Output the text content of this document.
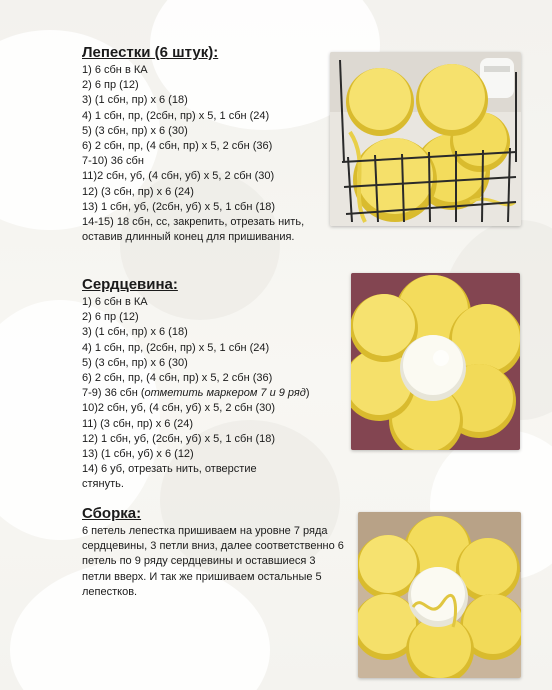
Лепестки (6 штук):
1) 6 сбн в КА
2) 6 пр (12)
3) (1 сбн, пр) х 6 (18)
4) 1 сбн, пр, (2сбн, пр) х 5, 1 сбн (24)
5) (3 сбн, пр) х 6 (30)
6) 2 сбн, пр, (4 сбн, пр) х 5, 2 сбн (36)
7-10) 36 сбн
11)2 сбн, уб, (4 сбн, уб) х 5, 2 сбн (30)
12) (3 сбн, пр) х 6 (24)
13) 1 сбн, уб, (2сбн, уб) х 5, 1 сбн (18)
14-15) 18 сбн, сс, закрепить, отрезать нить, оставив длинный конец для пришивания.
Сердцевина:
1) 6 сбн в КА
2) 6 пр (12)
3) (1 сбн, пр) х 6 (18)
4) 1 сбн, пр, (2сбн, пр) х 5, 1 сбн (24)
5) (3 сбн, пр) х 6 (30)
6) 2 сбн, пр, (4 сбн, пр) х 5, 2 сбн (36)
7-9) 36 сбн (отметить маркером 7 и 9 ряд)
10)2 сбн, уб, (4 сбн, уб) х 5, 2 сбн (30)
11) (3 сбн, пр) х 6 (24)
12) 1 сбн, уб, (2сбн, уб) х 5, 1 сбн (18)
13) (1 сбн, уб) х 6 (12)
14) 6 уб, отрезать нить, отверстие стянуть.
Сборка:

6 петель лепестка пришиваем на уровне 7 ряда сердцевины, 3 петли вниз, далее соответственно 6 петель по 9 ряду сердцевины и оставшиеся 3 петли вверх. И так же пришиваем остальные 5 лепестков.
